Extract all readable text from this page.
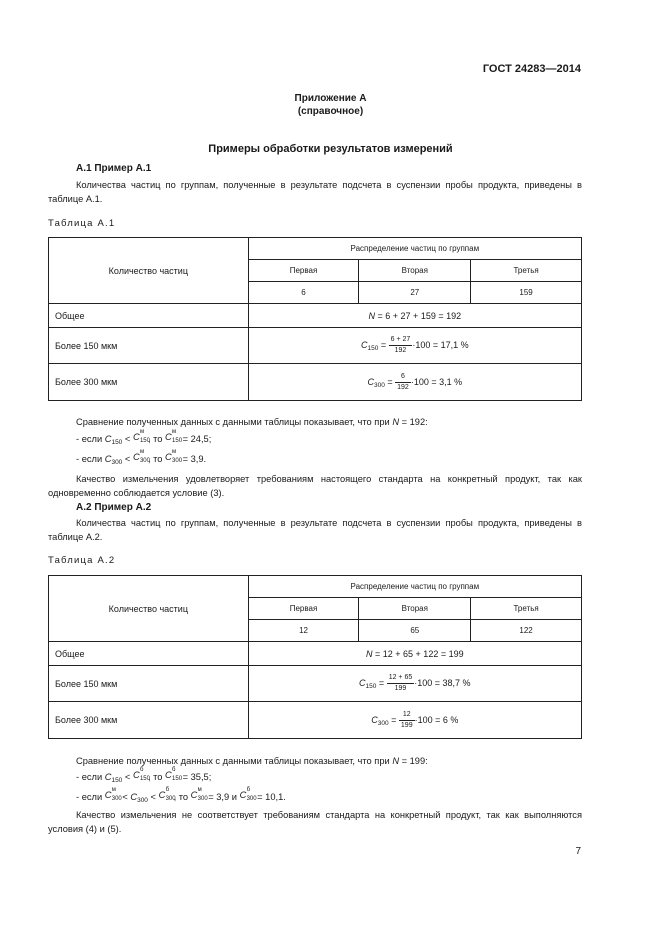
ГОСТ 24283—2014
Приложение А
(справочное)
Примеры обработки результатов измерений
А.1 Пример А.1
Количества частиц по группам, полученные в результате подсчета в суспензии пробы продукта, приведены в таблице А.1.
Таблица А.1
Количество частиц	Распределение частиц по группам		
	Первая	Вторая	Третья
	6	27	159
Общее	N = 6 + 27 + 159 = 192		
Более 150 мкм	$C_{150} = \frac{6 + 27}{192} \cdot 100 = 17,1$ %		
Более 300 мкм	$C_{300} = \frac{6}{192} \cdot 100 = 3,1$ %		
Сравнение полученных данных с данными таблицы показывает, что при N = 192:
- если $C_{150} < C$ м
150
, то C м
150 = 24,5;
- если $C_{300} < C$ м
300
, то C м
300 = 3,9.
Качество измельчения удовлетворяет требованиям настоящего стандарта на конкретный продукт, так как одновременно соблюдается условие (3).
А.2 Пример А.2
Количества частиц по группам, полученные в результате подсчета в суспензии пробы продукта, приведены в таблице А.2.
Таблица А.2
Количество частиц	Распределение частиц по группам		
	Первая	Вторая	Третья
	12	65	122
Общее	N = 12 + 65 + 122 = 199		
Более 150 мкм	$C_{150} = \frac{12 + 65}{199} \cdot 100 = 38,7$ %		
Более 300 мкм	$C_{300} = \frac{12}{199} \cdot 100 = 6$ %		
Сравнение полученных данных с данными таблицы показывает, что при N = 199:
- если $C_{150} < C$ б
150
, то C б
150 = 35,5;
- если C м
$300 < C_{300} < C$ б
300
, то C м
300 = 3,9 и C б
300 = 10,1.
Качество измельчения не соответствует требованиям стандарта на конкретный продукт, так как выполняются условия (4) и (5).
7
